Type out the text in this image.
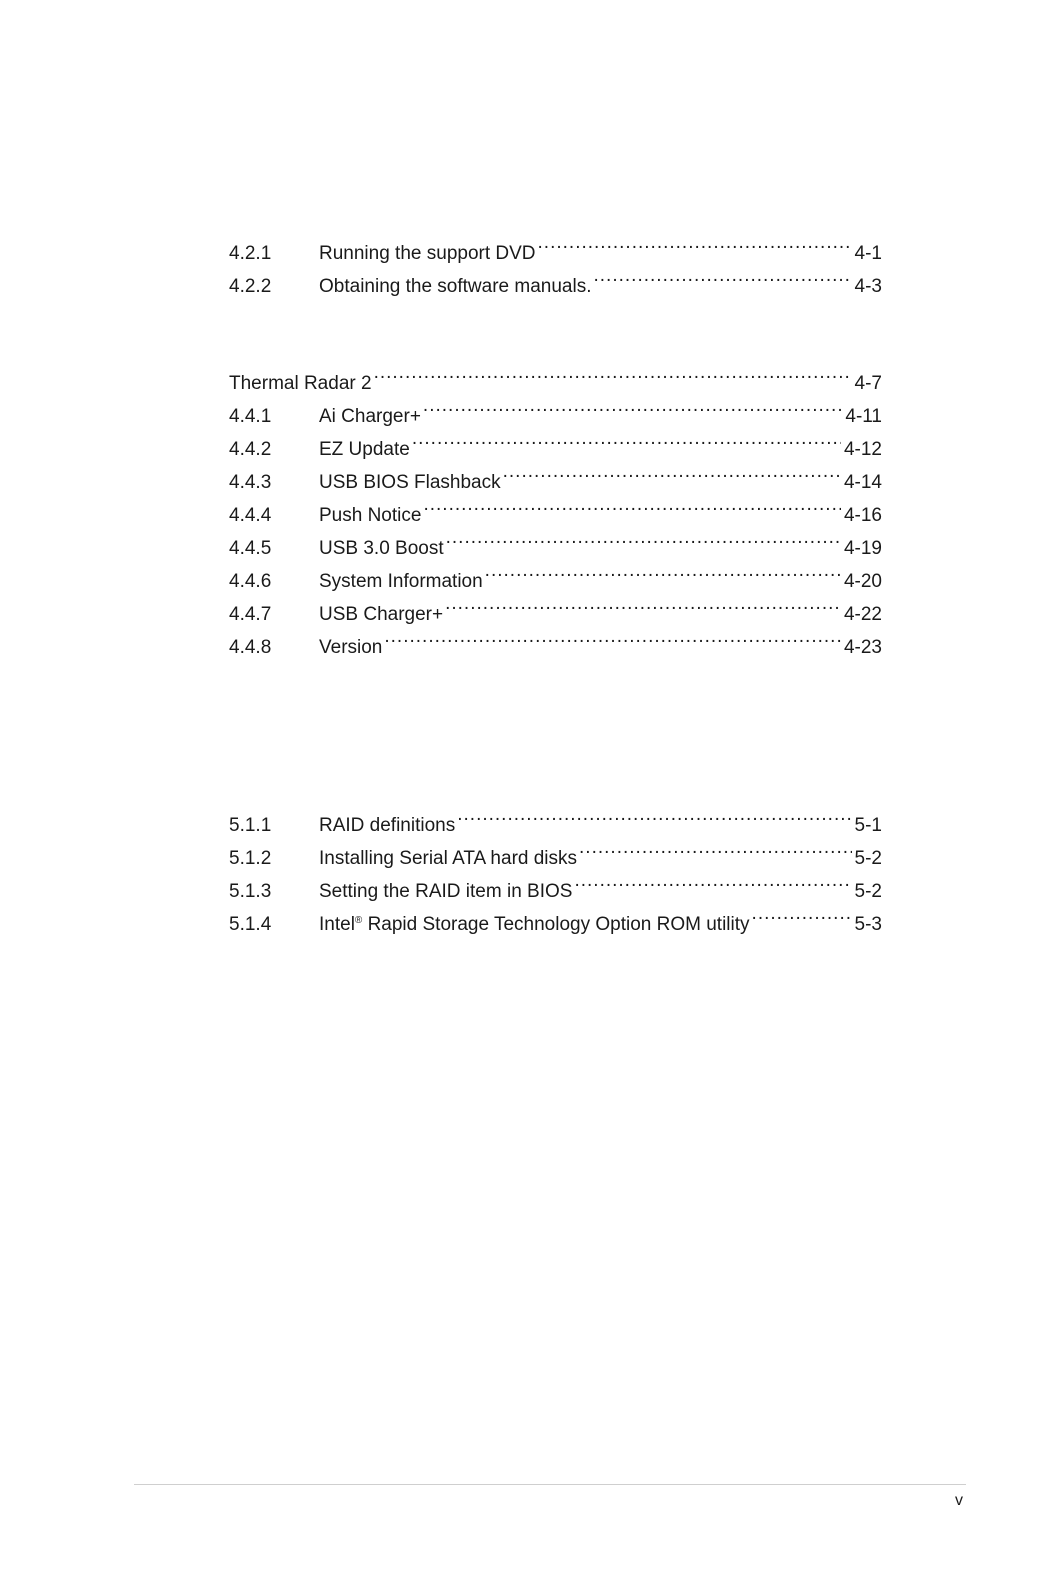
4.2.1	Running the support DVD .....	4-1
4.2.2	Obtaining the software manuals. .....	4-3
Thermal Radar 2 .....	4-7
4.4.1	Ai Charger+ .....	4-11
4.4.2	EZ Update .....	4-12
4.4.3	USB BIOS Flashback .....	4-14
4.4.4	Push Notice .....	4-16
4.4.5	USB 3.0 Boost .....	4-19
4.4.6	System Information .....	4-20
4.4.7	USB Charger+ .....	4-22
4.4.8	Version .....	4-23
5.1.1	RAID definitions .....	5-1
5.1.2	Installing Serial ATA hard disks .....	5-2
5.1.3	Setting the RAID item in BIOS .....	5-2
5.1.4	Intel® Rapid Storage Technology Option ROM utility .....	5-3
v
